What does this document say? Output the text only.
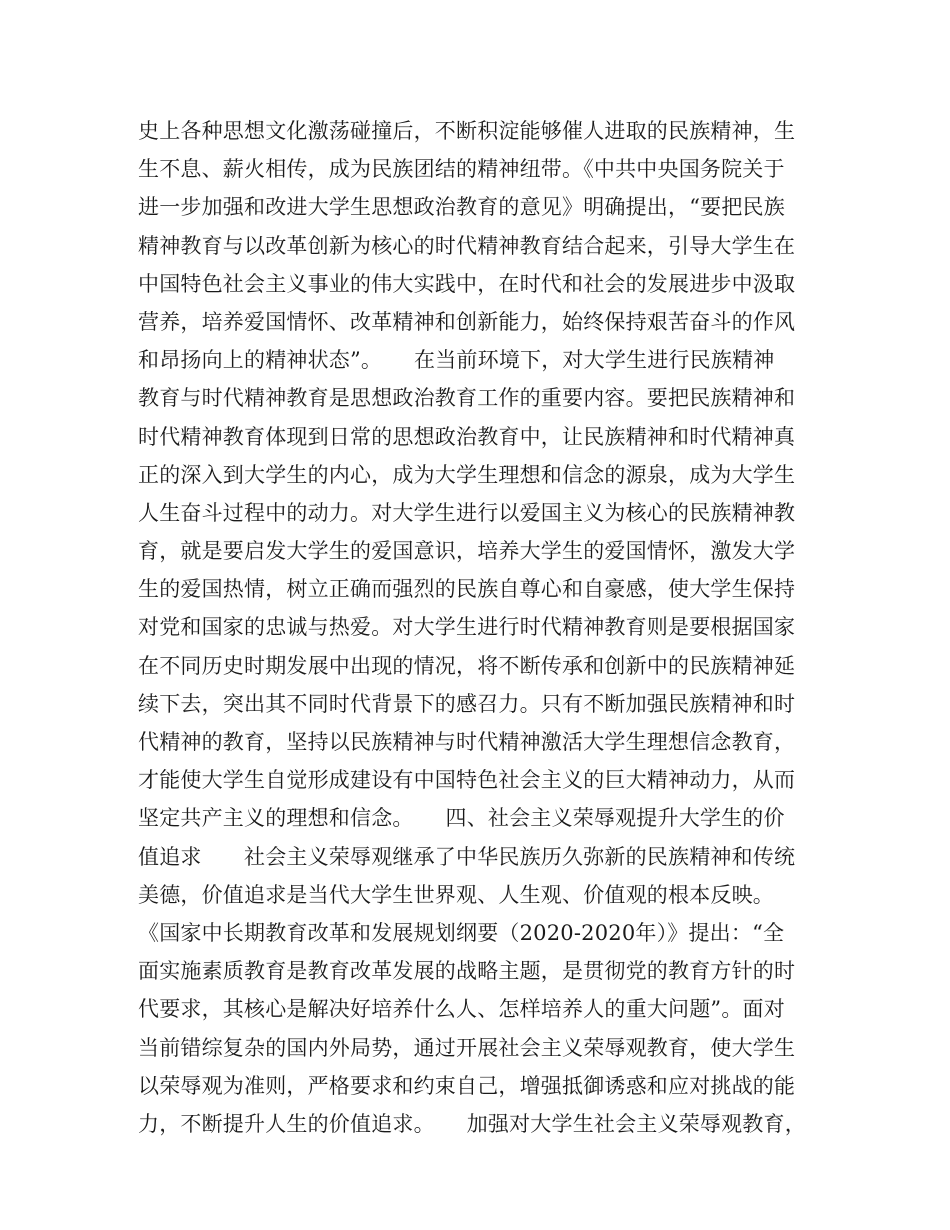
史上各种思想文化激荡碰撞后，不断积淀能够催人进取的民族精神，生
生不息、薪火相传，成为民族团结的精神纽带。《中共中央国务院关于
进一步加强和改进大学生思想政治教育的意见》明确提出，“要把民族
精神教育与以改革创新为核心的时代精神教育结合起来，引导大学生在
中国特色社会主义事业的伟大实践中，在时代和社会的发展进步中汲取
营养，培养爱国情怀、改革精神和创新能力，始终保持艰苦奋斗的作风
和昂扬向上的精神状态”。　　在当前环境下，对大学生进行民族精神
教育与时代精神教育是思想政治教育工作的重要内容。要把民族精神和
时代精神教育体现到日常的思想政治教育中，让民族精神和时代精神真
正的深入到大学生的内心，成为大学生理想和信念的源泉，成为大学生
人生奋斗过程中的动力。对大学生进行以爱国主义为核心的民族精神教
育，就是要启发大学生的爱国意识，培养大学生的爱国情怀，激发大学
生的爱国热情，树立正确而强烈的民族自尊心和自豪感，使大学生保持
对党和国家的忠诚与热爱。对大学生进行时代精神教育则是要根据国家
在不同历史时期发展中出现的情况，将不断传承和创新中的民族精神延
续下去，突出其不同时代背景下的感召力。只有不断加强民族精神和时
代精神的教育，坚持以民族精神与时代精神激活大学生理想信念教育，
才能使大学生自觉形成建设有中国特色社会主义的巨大精神动力，从而
坚定共产主义的理想和信念。　　四、社会主义荣辱观提升大学生的价
值追求　　社会主义荣辱观继承了中华民族历久弥新的民族精神和传统
美德，价值追求是当代大学生世界观、人生观、价值观的根本反映。
《国家中长期教育改革和发展规划纲要（2020-2020年）》提出：“全
面实施素质教育是教育改革发展的战略主题，是贯彻党的教育方针的时
代要求，其核心是解决好培养什么人、怎样培养人的重大问题”。面对
当前错综复杂的国内外局势，通过开展社会主义荣辱观教育，使大学生
以荣辱观为准则，严格要求和约束自己，增强抵御诱惑和应对挑战的能
力，不断提升人生的价值追求。　　加强对大学生社会主义荣辱观教育，
